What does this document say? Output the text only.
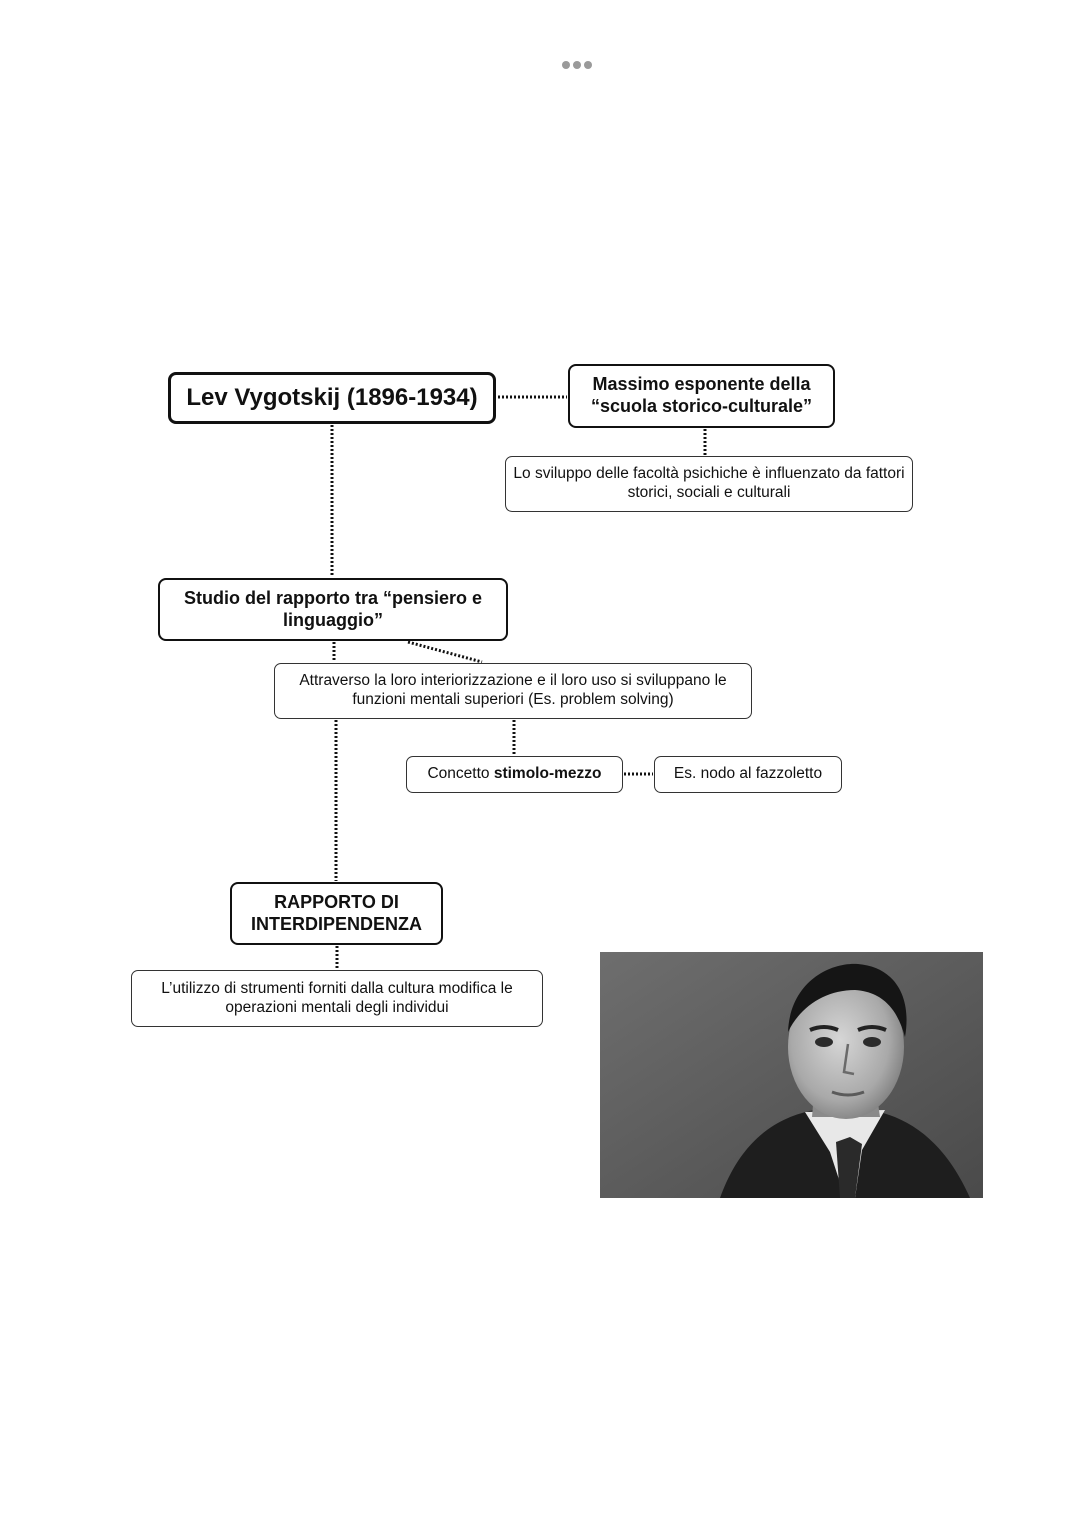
Lev Vygotskij (1896-1934)	Massimo esponente della “scuola storico-culturale”
Lo sviluppo delle facoltà psichiche è influenzato da fattori storici, sociali e culturali
Studio del rapporto tra “pensiero e linguaggio”
Attraverso la loro interiorizzazione e il loro uso si sviluppano le funzioni mentali superiori (Es. problem solving)
Concetto stimolo-mezzo	Es. nodo al fazzoletto
RAPPORTO DI INTERDIPENDENZA
L’utilizzo di strumenti forniti dalla cultura modifica le operazioni mentali degli individui
